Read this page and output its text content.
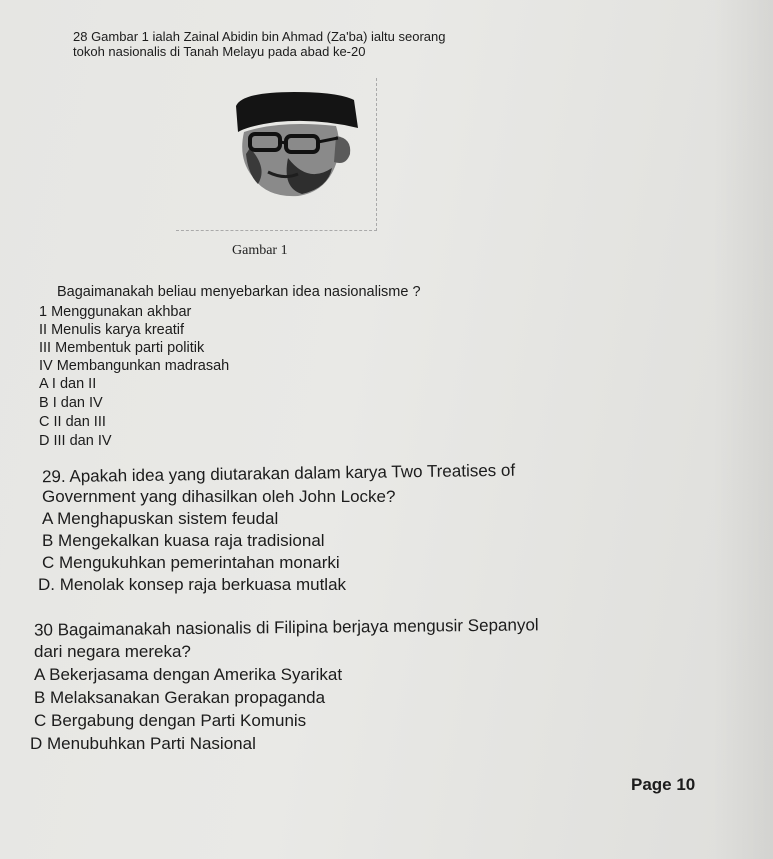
28 Gambar 1 ialah Zainal Abidin bin Ahmad (Za'ba) ialtu seorang
tokoh nasionalis di Tanah Melayu pada abad ke-20
Gambar 1
Bagaimanakah beliau menyebarkan idea nasionalisme ?
1 Menggunakan akhbar
II Menulis karya kreatif
III Membentuk parti politik
IV Membangunkan madrasah
A I dan II
B I dan IV
C II dan III
D III dan IV
29. Apakah idea yang diutarakan dalam karya Two Treatises of
Government yang dihasilkan oleh John Locke?
A Menghapuskan sistem feudal
B Mengekalkan kuasa raja tradisional
C Mengukuhkan pemerintahan monarki
D. Menolak konsep raja berkuasa mutlak
30 Bagaimanakah nasionalis di Filipina berjaya mengusir Sepanyol
dari negara mereka?
A Bekerjasama dengan Amerika Syarikat
B Melaksanakan Gerakan propaganda
C Bergabung dengan Parti Komunis
D Menubuhkan Parti Nasional
Page 10
